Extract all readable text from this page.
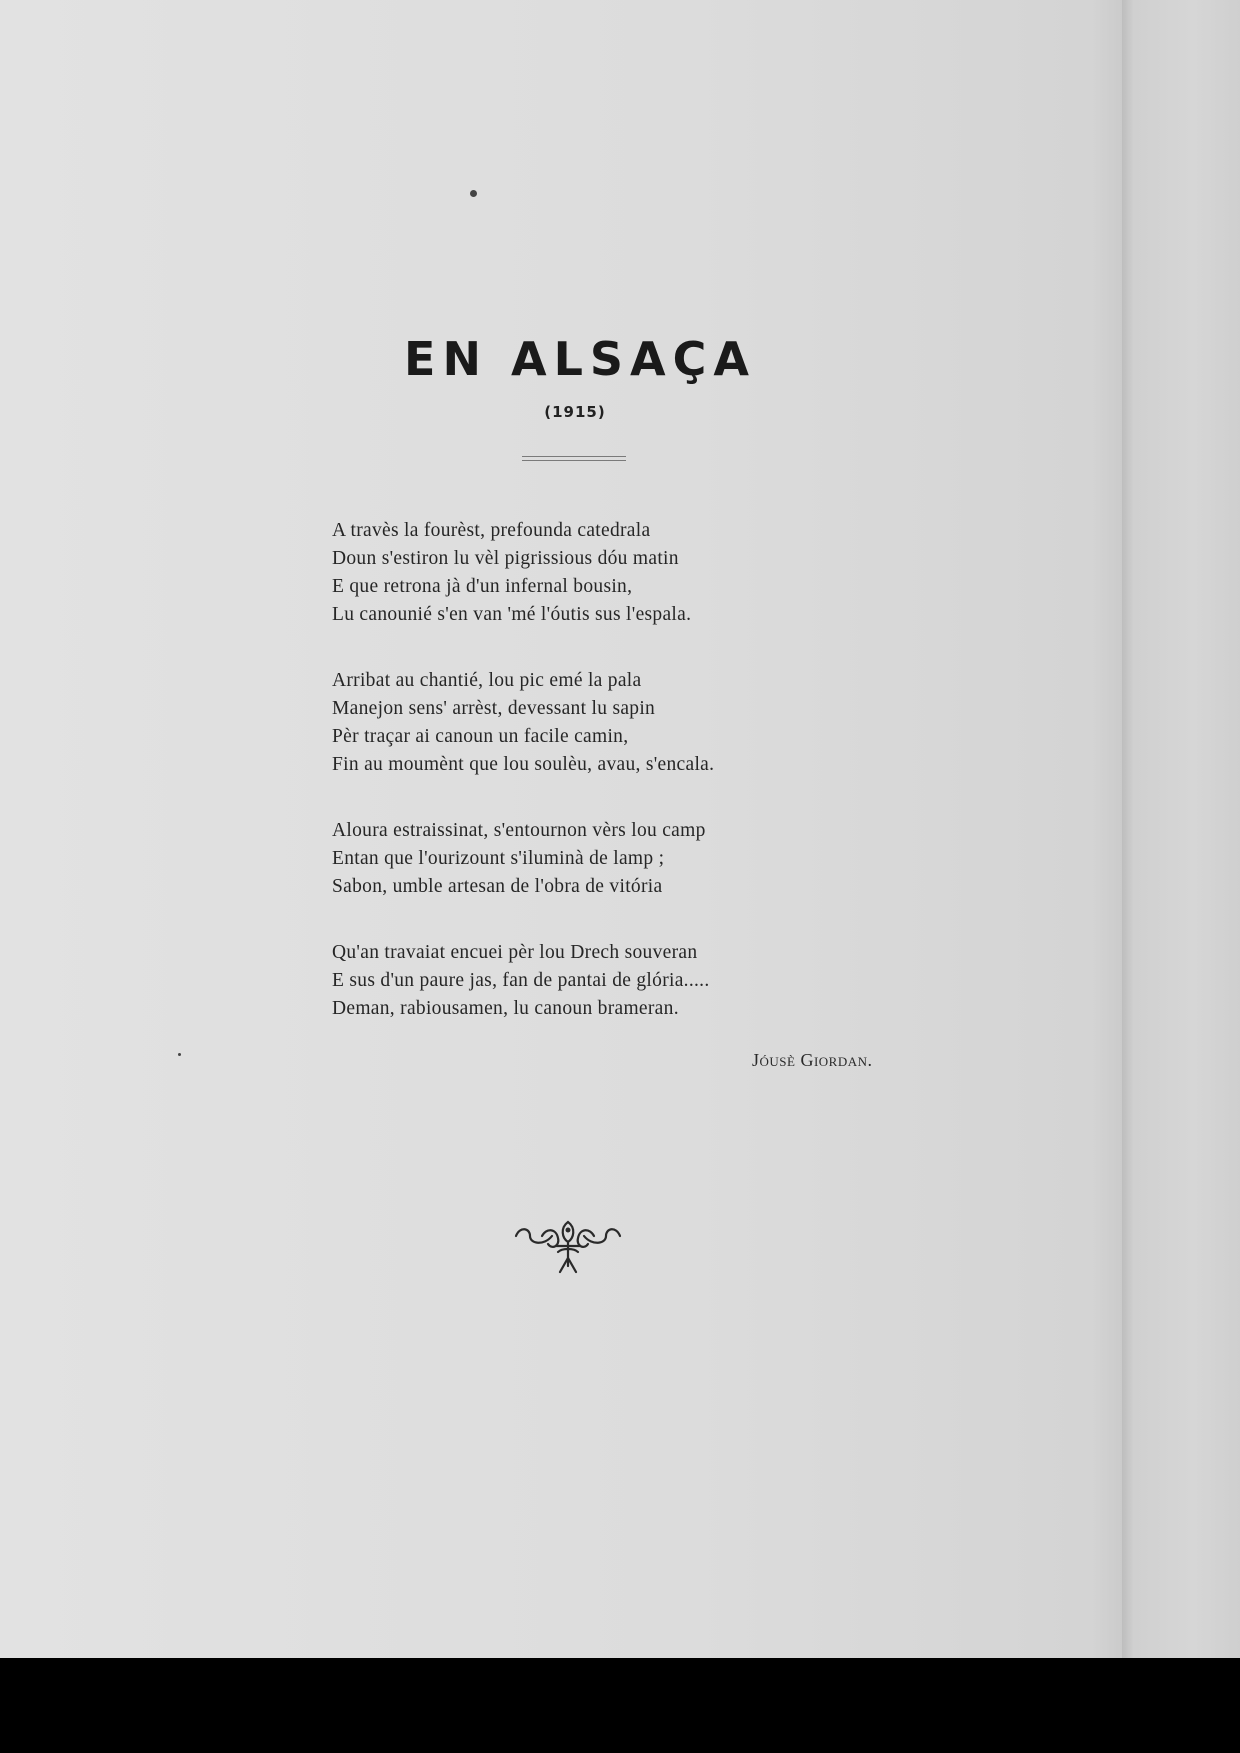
EN ALSAÇA
(1915)
A travès la fourèst, prefounda catedrala
Doun s'estiron lu vèl pigrissious dóu matin
E que retrona jà d'un infernal bousin,
Lu canounié s'en van 'mé l'óutis sus l'espala.
Arribat au chantié, lou pic emé la pala
Manejon sens' arrèst, devessant lu sapin
Pèr traçar ai canoun un facile camin,
Fin au moumènt que lou soulèu, avau, s'encala.
Aloura estraissinat, s'entournon vèrs lou camp
Entan que l'ourizount s'iluminà de lamp ;
Sabon, umble artesan de l'obra de vitória
Qu'an travaiat encuei pèr lou Drech souveran
E sus d'un paure jas, fan de pantai de glória.....
Deman, rabiousamen, lu canoun brameran.
Jóusè Giordan.
